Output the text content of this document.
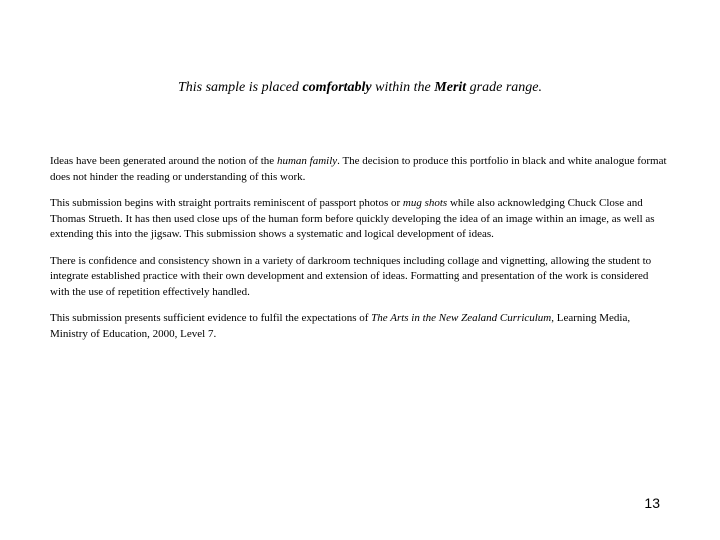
This sample is placed comfortably within the Merit grade range.

Ideas have been generated around the notion of the human family. The decision to produce this portfolio in black and white analogue format does not hinder the reading or understanding of this work.

This submission begins with straight portraits reminiscent of passport photos or mug shots while also acknowledging Chuck Close and Thomas Strueth. It has then used close ups of the human form before quickly developing the idea of an image within an image, as well as extending this into the jigsaw. This submission shows a systematic and logical development of ideas.

There is confidence and consistency shown in a variety of darkroom techniques including collage and vignetting, allowing the student to integrate established practice with their own development and extension of ideas. Formatting and presentation of the work is considered with the use of repetition effectively handled.

This submission presents sufficient evidence to fulfil the expectations of The Arts in the New Zealand Curriculum, Learning Media, Ministry of Education, 2000, Level 7.

13
